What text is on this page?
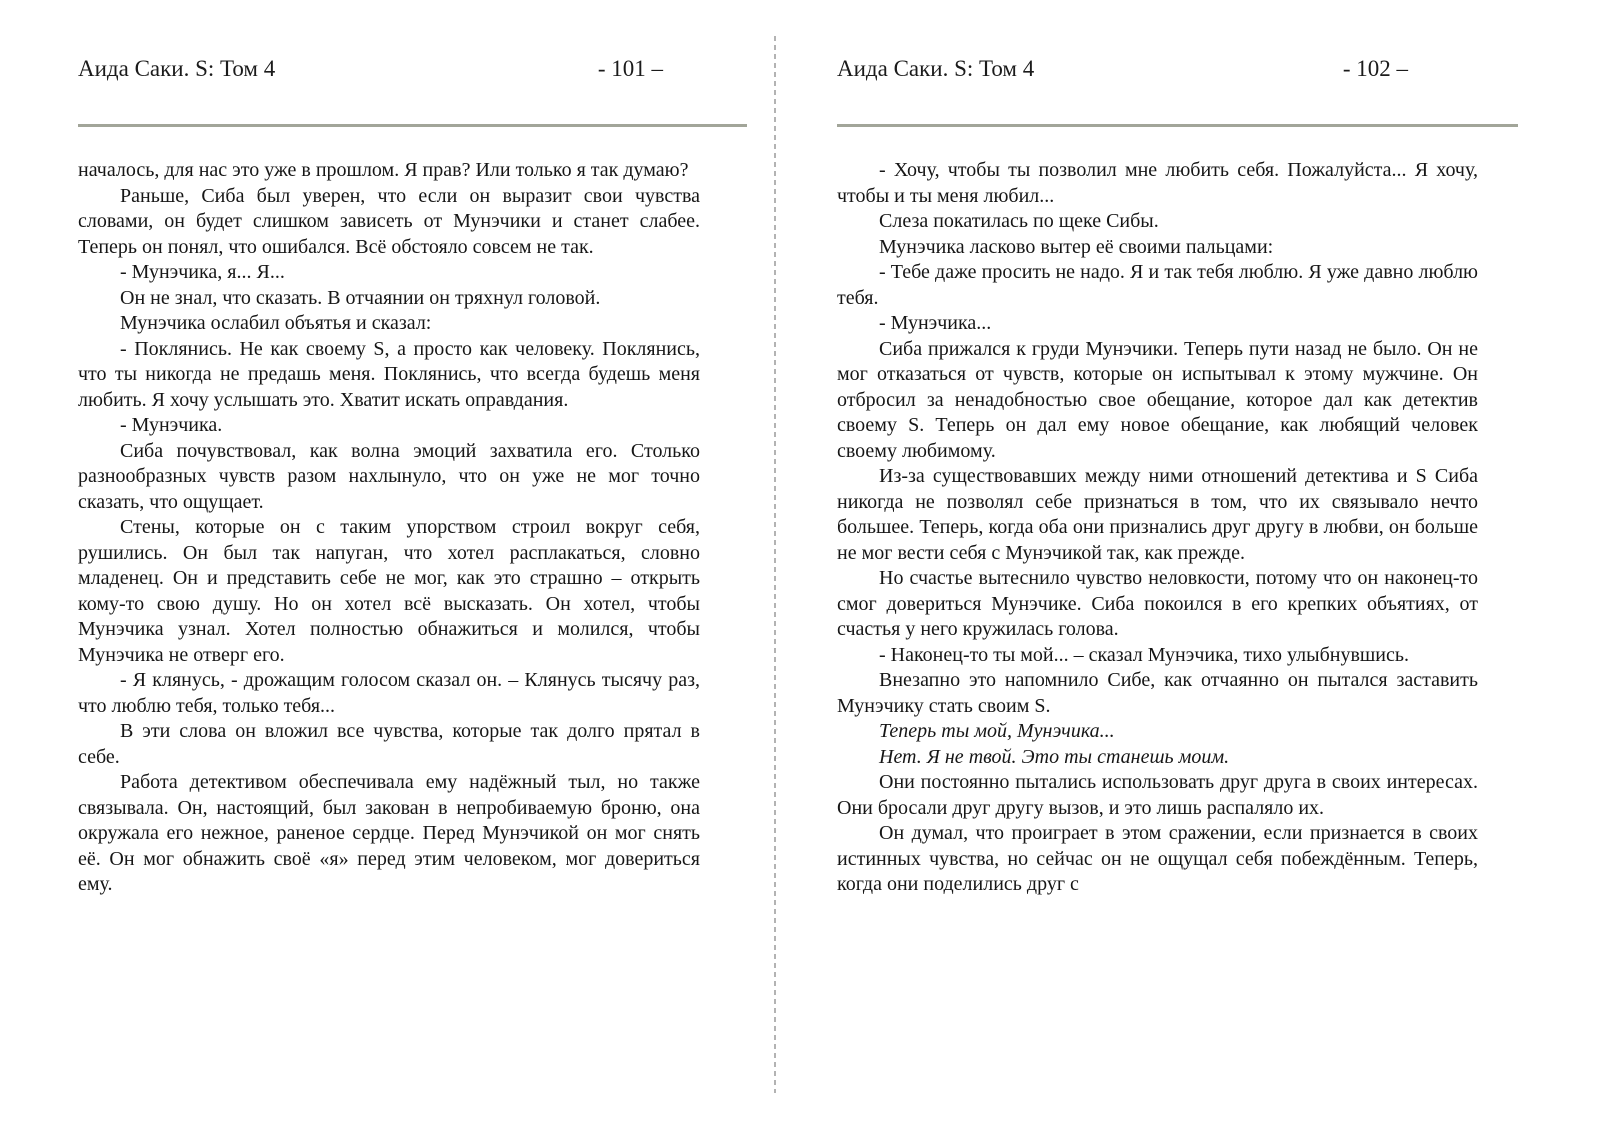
Аида Саки. S: Том 4	- 101 –

началось, для нас это уже в прошлом. Я прав? Или только я так думаю?

Раньше, Сиба был уверен, что если он выразит свои чувства словами, он будет слишком зависеть от Мунэчики и станет слабее. Теперь он понял, что ошибался. Всё обстояло совсем не так.

- Мунэчика, я... Я...

Он не знал, что сказать. В отчаянии он тряхнул головой.

Мунэчика ослабил объятья и сказал:

- Поклянись. Не как своему S, а просто как человеку. Поклянись, что ты никогда не предашь меня. Поклянись, что всегда будешь меня любить. Я хочу услышать это. Хватит искать оправдания.

- Мунэчика.

Сиба почувствовал, как волна эмоций захватила его. Столько разнообразных чувств разом нахлынуло, что он уже не мог точно сказать, что ощущает.

Стены, которые он с таким упорством строил вокруг себя, рушились. Он был так напуган, что хотел расплакаться, словно младенец. Он и представить себе не мог, как это страшно – открыть кому-то свою душу. Но он хотел всё высказать. Он хотел, чтобы Мунэчика узнал. Хотел полностью обнажиться и молился, чтобы Мунэчика не отверг его.

- Я клянусь, - дрожащим голосом сказал он. – Клянусь тысячу раз, что люблю тебя, только тебя...

В эти слова он вложил все чувства, которые так долго прятал в себе.

Работа детективом обеспечивала ему надёжный тыл, но также связывала. Он, настоящий, был закован в непробиваемую броню, она окружала его нежное, раненое сердце. Перед Мунэчикой он мог снять её. Он мог обнажить своё «я» перед этим человеком, мог довериться ему.

Аида Саки. S: Том 4	- 102 –

- Хочу, чтобы ты позволил мне любить себя. Пожалуйста... Я хочу, чтобы и ты меня любил...

Слеза покатилась по щеке Сибы.

Мунэчика ласково вытер её своими пальцами:

- Тебе даже просить не надо. Я и так тебя люблю. Я уже давно люблю тебя.

- Мунэчика...

Сиба прижался к груди Мунэчики. Теперь пути назад не было. Он не мог отказаться от чувств, которые он испытывал к этому мужчине. Он отбросил за ненадобностью свое обещание, которое дал как детектив своему S. Теперь он дал ему новое обещание, как любящий человек своему любимому.

Из-за существовавших между ними отношений детектива и S Сиба никогда не позволял себе признаться в том, что их связывало нечто большее. Теперь, когда оба они признались друг другу в любви, он больше не мог вести себя с Мунэчикой так, как прежде.

Но счастье вытеснило чувство неловкости, потому что он наконец-то смог довериться Мунэчике. Сиба покоился в его крепких объятиях, от счастья у него кружилась голова.

- Наконец-то ты мой... – сказал Мунэчика, тихо улыбнувшись.

Внезапно это напомнило Сибе, как отчаянно он пытался заставить Мунэчику стать своим S.

Теперь ты мой, Мунэчика...

Нет. Я не твой. Это ты станешь моим.

Они постоянно пытались использовать друг друга в своих интересах. Они бросали друг другу вызов, и это лишь распаляло их.

Он думал, что проиграет в этом сражении, если признается в своих истинных чувства, но сейчас он не ощущал себя побеждённым. Теперь, когда они поделились друг с
